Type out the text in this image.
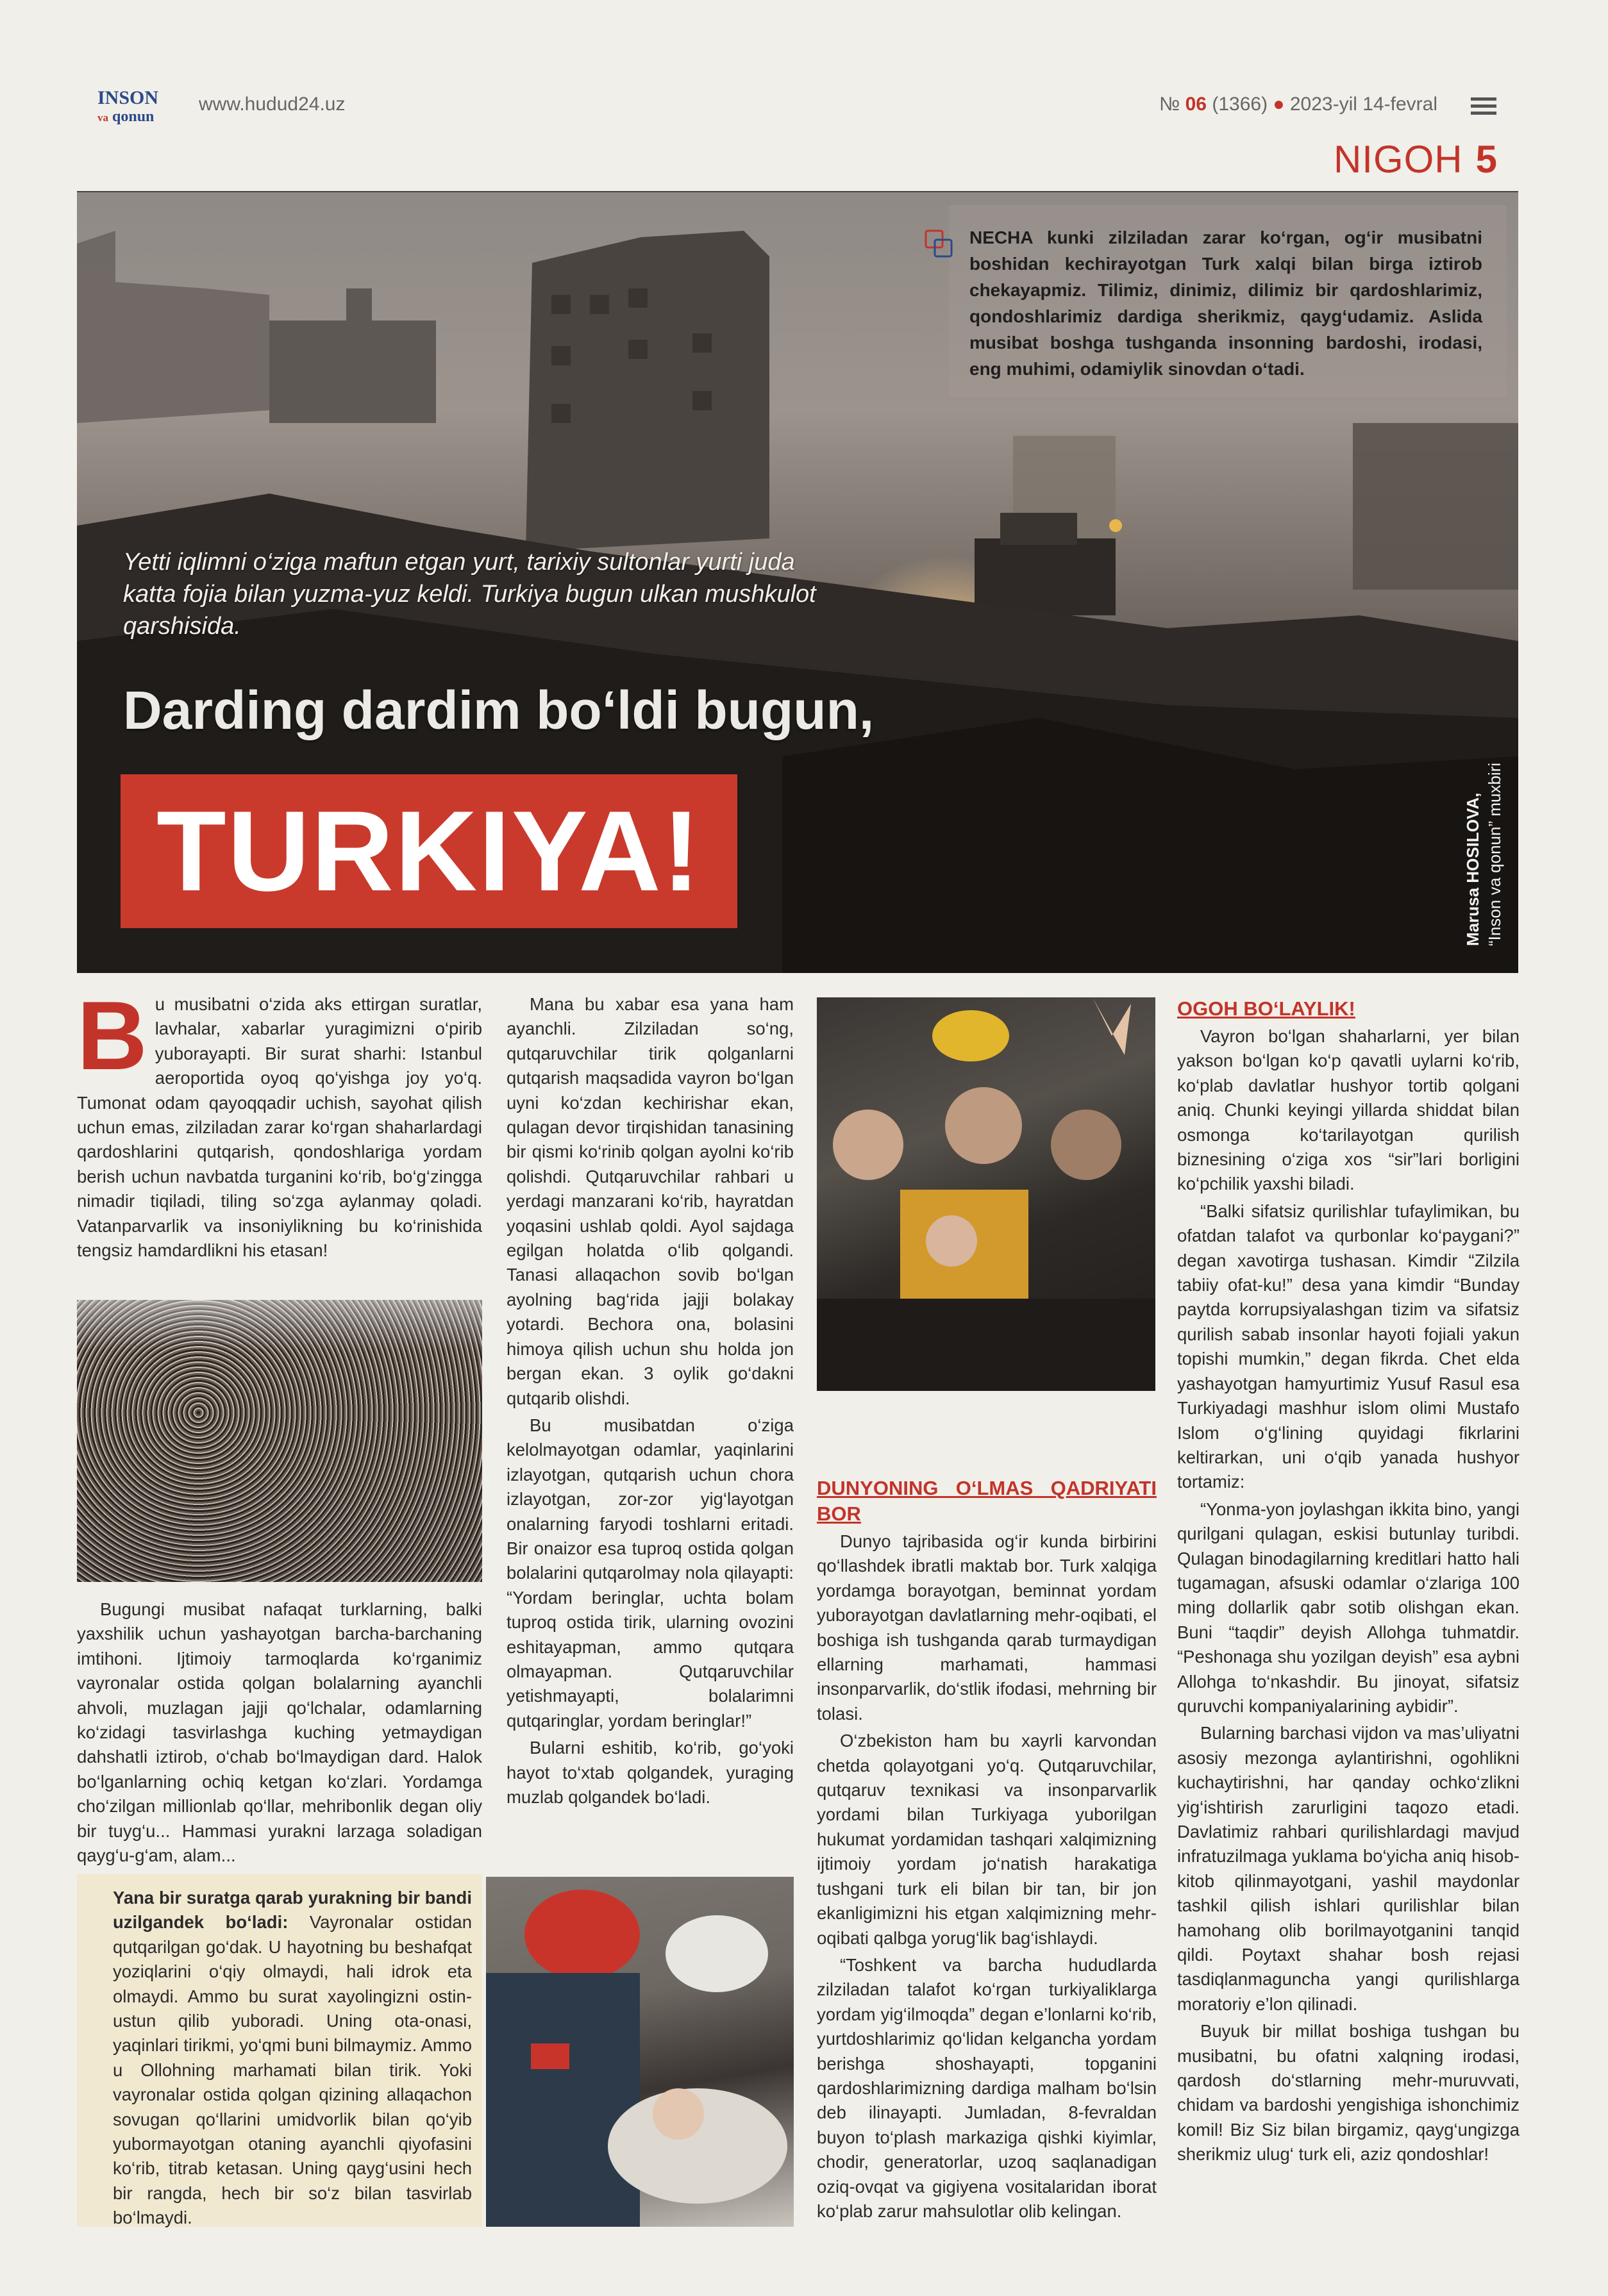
INSON
va qonun
www.hudud24.uz	№ 06 (1366) ● 2023-yil 14-fevral
NIGOH 5
NECHA kunki zilziladan zarar ko‘rgan, og‘ir musibatni boshidan kechirayotgan Turk xalqi bilan birga iztirob chekayapmiz. Tilimiz, dinimiz, dilimiz bir qardoshlarimiz, qondoshlarimiz dardiga sherikmiz, qayg‘udamiz. Aslida musibat boshga tushganda insonning bardoshi, irodasi, eng muhimi, odamiylik sinovdan o‘tadi.
Yetti iqlimni o‘ziga maftun etgan yurt, tarixiy sultonlar yurti juda katta fojia bilan yuzma-yuz keldi. Turkiya bugun ulkan mushkulot qarshisida.
Darding dardim bo‘ldi bugun,
TURKIYA!	Marusa HOSILOVA, “Inson va qonun” muxbiri

Bu musibatni o‘zida aks ettirgan suratlar, lavhalar, xabarlar yuragimizni o‘pirib yuborayapti. Bir surat sharhi: Istanbul aeroportida oyoq qo‘yishga joy yo‘q. Tumonat odam qayoqqadir uchish, sayohat qilish uchun emas, zilziladan zarar ko‘rgan shaharlardagi qardoshlarini qutqarish, qondoshlariga yordam berish uchun navbatda turganini ko‘rib, bo‘g‘zingga nimadir tiqiladi, tiling so‘zga aylanmay qoladi. Vatanparvarlik va insoniylikning bu ko‘rinishida tengsiz hamdardlikni his etasan!

Bugungi musibat nafaqat turklarning, balki yaxshilik uchun yashayotgan barcha-barchaning imtihoni. Ijtimoiy tarmoqlarda ko‘rganimiz vayronalar ostida qolgan bolalarning ayanchli ahvoli, muzlagan jajji qo‘lchalar, odamlarning ko‘zidagi tasvirlashga kuching yetmaydigan dahshatli iztirob, o‘chab bo‘lmaydigan dard. Halok bo‘lganlarning ochiq ketgan ko‘zlari. Yordamga cho‘zilgan millionlab qo‘llar, mehribonlik degan oliy bir tuyg‘u... Hammasi yurakni larzaga soladigan qayg‘u-g‘am, alam...

Yana bir suratga qarab yurakning bir bandi uzilgandek bo‘ladi: Vayronalar ostidan qutqarilgan go‘dak. U hayotning bu beshafqat yoziqlarini o‘qiy olmaydi, hali idrok eta olmaydi. Ammo bu surat xayolingizni ostin-ustun qilib yuboradi. Uning ota-onasi, yaqinlari tirikmi, yo‘qmi buni bilmaymiz. Ammo u Ollohning marhamati bilan tirik. Yoki vayronalar ostida qolgan qizining allaqachon sovugan qo‘llarini umidvorlik bilan qo‘yib yubormayotgan otaning ayanchli qiyofasini ko‘rib, titrab ketasan. Uning qayg‘usini hech bir rangda, hech bir so‘z bilan tasvirlab bo‘lmaydi.

Mana bu xabar esa yana ham ayanchli. Zilziladan so‘ng, qutqaruvchilar tirik qolganlarni qutqarish maqsadida vayron bo‘lgan uyni ko‘zdan kechirishar ekan, qulagan devor tirqishidan tanasining bir qismi ko‘rinib qolgan ayolni ko‘rib qolishdi. Qutqaruvchilar rahbari u yerdagi manzarani ko‘rib, hayratdan yoqasini ushlab qoldi. Ayol sajdaga egilgan holatda o‘lib qolgandi. Tanasi allaqachon sovib bo‘lgan ayolning bag‘rida jajji bolakay yotardi. Bechora ona, bolasini himoya qilish uchun shu holda jon bergan ekan. 3 oylik go‘dakni qutqarib olishdi.

Bu musibatdan o‘ziga kelolmayotgan odamlar, yaqinlarini izlayotgan, qutqarish uchun chora izlayotgan, zor-zor yig‘layotgan onalarning faryodi toshlarni eritadi. Bir onaizor esa tuproq ostida qolgan bolalarini qutqarolmay nola qilayapti: “Yordam beringlar, uchta bolam tuproq ostida tirik, ularning ovozini eshitayapman, ammo qutqara olmayapman. Qutqaruvchilar yetishmayapti, bolalarimni qutqaringlar, yordam beringlar!”

Bularni eshitib, ko‘rib, go‘yoki hayot to‘xtab qolgandek, yuraging muzlab qolgandek bo‘ladi.

DUNYONING O‘LMAS QADRIYATI BOR

Dunyo tajribasida og‘ir kunda birbirini qo‘llashdek ibratli maktab bor. Turk xalqiga yordamga borayotgan, beminnat yordam yuborayotgan davlatlarning mehr-oqibati, el boshiga ish tushganda qarab turmaydigan ellarning marhamati, hammasi insonparvarlik, do‘stlik ifodasi, mehrning bir tolasi.

O‘zbekiston ham bu xayrli karvondan chetda qolayotgani yo‘q. Qutqaruvchilar, qutqaruv texnikasi va insonparvarlik yordami bilan Turkiyaga yuborilgan hukumat yordamidan tashqari xalqimizning ijtimoiy yordam jo‘natish harakatiga tushgani turk eli bilan bir tan, bir jon ekanligimizni his etgan xalqimizning mehr-oqibati qalbga yorug‘lik bag‘ishlaydi.

“Toshkent va barcha hududlarda zilziladan talafot ko‘rgan turkiyaliklarga yordam yig‘ilmoqda” degan e’lonlarni ko‘rib, yurtdoshlarimiz qo‘lidan kelgancha yordam berishga shoshayapti, topganini qardoshlarimizning dardiga malham bo‘lsin deb ilinayapti. Jumladan, 8-fevraldan buyon to‘plash markaziga qishki kiyimlar, chodir, generatorlar, uzoq saqlanadigan oziq-ovqat va gigiyena vositalaridan iborat ko‘plab zarur mahsulotlar olib kelingan.

OGOH BO‘LAYLIK!

Vayron bo‘lgan shaharlarni, yer bilan yakson bo‘lgan ko‘p qavatli uylarni ko‘rib, ko‘plab davlatlar hushyor tortib qolgani aniq. Chunki keyingi yillarda shiddat bilan osmonga ko‘tarilayotgan qurilish biznesining o‘ziga xos “sir”lari borligini ko‘pchilik yaxshi biladi.

“Balki sifatsiz qurilishlar tufaylimikan, bu ofatdan talafot va qurbonlar ko‘paygani?” degan xavotirga tushasan. Kimdir “Zilzila tabiiy ofat-ku!” desa yana kimdir “Bunday paytda korrupsiyalashgan tizim va sifatsiz qurilish sabab insonlar hayoti fojiali yakun topishi mumkin,” degan fikrda. Chet elda yashayotgan hamyurtimiz Yusuf Rasul esa Turkiyadagi mashhur islom olimi Mustafo Islom o‘g‘lining quyidagi fikrlarini keltirarkan, uni o‘qib yanada hushyor tortamiz:

“Yonma-yon joylashgan ikkita bino, yangi qurilgani qulagan, eskisi butunlay turibdi. Qulagan binodagilarning kreditlari hatto hali tugamagan, afsuski odamlar o‘zlariga 100 ming dollarlik qabr sotib olishgan ekan. Buni “taqdir” deyish Allohga tuhmatdir. “Peshonaga shu yozilgan deyish” esa aybni Allohga to‘nkashdir. Bu jinoyat, sifatsiz quruvchi kompaniyalarining aybidir”.

Bularning barchasi vijdon va mas’uliyatni asosiy mezonga aylantirishni, ogohlikni kuchaytirishni, har qanday ochko‘zlikni yig‘ishtirish zarurligini taqozo etadi. Davlatimiz rahbari qurilishlardagi mavjud infratuzilmaga yuklama bo‘yicha aniq hisob-kitob qilinmayotgani, yashil maydonlar tashkil qilish ishlari qurilishlar bilan hamohang olib borilmayotganini tanqid qildi. Poytaxt shahar bosh rejasi tasdiqlanmaguncha yangi qurilishlarga moratoriy e’lon qilinadi.

Buyuk bir millat boshiga tushgan bu musibatni, bu ofatni xalqning irodasi, qardosh do‘stlarning mehr-muruvvati, chidam va bardoshi yengishiga ishonchimiz komil! Biz Siz bilan birgamiz, qayg‘ungizga sherikmiz ulug‘ turk eli, aziz qondoshlar!
